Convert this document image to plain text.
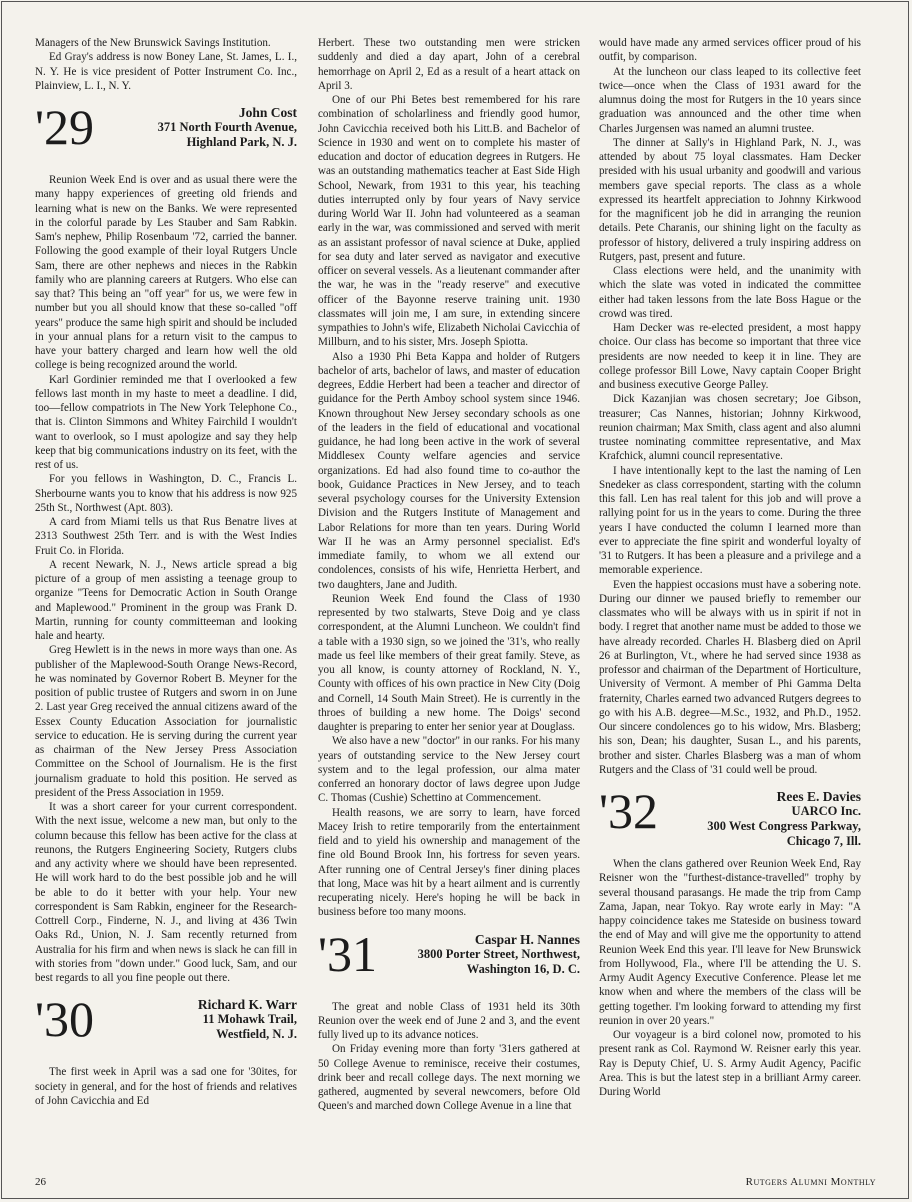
Managers of the New Brunswick Savings Institution.

Ed Gray's address is now Boney Lane, St. James, L. I., N. Y. He is vice president of Potter Instrument Co. Inc., Plainview, L. I., N. Y.

'29	John Cost
371 North Fourth Avenue,
Highland Park, N. J.

Reunion Week End is over and as usual there were the many happy experiences of greeting old friends and learning what is new on the Banks. We were represented in the colorful parade by Les Stauber and Sam Rabkin. Sam's nephew, Philip Rosenbaum '72, carried the banner. Following the good example of their loyal Rutgers Uncle Sam, there are other nephews and nieces in the Rabkin family who are planning careers at Rutgers. Who else can say that? This being an "off year" for us, we were few in number but you all should know that these so-called "off years" produce the same high spirit and should be included in your annual plans for a return visit to the campus to have your battery charged and learn how well the old college is being recognized around the world.

Karl Gordinier reminded me that I overlooked a few fellows last month in my haste to meet a deadline. I did, too—fellow compatriots in The New York Telephone Co., that is. Clinton Simmons and Whitey Fairchild I wouldn't want to overlook, so I must apologize and say they help keep that big communications industry on its feet, with the rest of us.

For you fellows in Washington, D. C., Francis L. Sherbourne wants you to know that his address is now 925 25th St., Northwest (Apt. 803).

A card from Miami tells us that Rus Benatre lives at 2313 Southwest 25th Terr. and is with the West Indies Fruit Co. in Florida.

A recent Newark, N. J., News article spread a big picture of a group of men assisting a teenage group to organize "Teens for Democratic Action in South Orange and Maplewood." Prominent in the group was Frank D. Martin, running for county committeeman and looking hale and hearty.

Greg Hewlett is in the news in more ways than one. As publisher of the Maplewood-South Orange News-Record, he was nominated by Governor Robert B. Meyner for the position of public trustee of Rutgers and sworn in on June 2. Last year Greg received the annual citizens award of the Essex County Education Association for journalistic service to education. He is serving during the current year as chairman of the New Jersey Press Association Committee on the School of Journalism. He is the first journalism graduate to hold this position. He served as president of the Press Association in 1959.

It was a short career for your current correspondent. With the next issue, welcome a new man, but only to the column because this fellow has been active for the class at reunons, the Rutgers Engineering Society, Rutgers clubs and any activity where we should have been represented. He will work hard to do the best possible job and he will be able to do it better with your help. Your new correspondent is Sam Rabkin, engineer for the Research-Cottrell Corp., Finderne, N. J., and living at 436 Twin Oaks Rd., Union, N. J. Sam recently returned from Australia for his firm and when news is slack he can fill in with stories from "down under." Good luck, Sam, and our best regards to all you fine people out there.

'30	Richard K. Warr
11 Mohawk Trail,
Westfield, N. J.

The first week in April was a sad one for '30ites, for society in general, and for the host of friends and relatives of John Cavicchia and Ed

Herbert. These two outstanding men were stricken suddenly and died a day apart, John of a cerebral hemorrhage on April 2, Ed as a result of a heart attack on April 3.

One of our Phi Betes best remembered for his rare combination of scholarliness and friendly good humor, John Cavicchia received both his Litt.B. and Bachelor of Science in 1930 and went on to complete his master of education and doctor of education degrees in Rutgers. He was an outstanding mathematics teacher at East Side High School, Newark, from 1931 to this year, his teaching duties interrupted only by four years of Navy service during World War II. John had volunteered as a seaman early in the war, was commissioned and served with merit as an assistant professor of naval science at Duke, applied for sea duty and later served as navigator and executive officer on several vessels. As a lieutenant commander after the war, he was in the "ready reserve" and executive officer of the Bayonne reserve training unit. 1930 classmates will join me, I am sure, in extending sincere sympathies to John's wife, Elizabeth Nicholai Cavicchia of Millburn, and to his sister, Mrs. Joseph Spiotta.

Also a 1930 Phi Beta Kappa and holder of Rutgers bachelor of arts, bachelor of laws, and master of education degrees, Eddie Herbert had been a teacher and director of guidance for the Perth Amboy school system since 1946. Known throughout New Jersey secondary schools as one of the leaders in the field of educational and vocational guidance, he had long been active in the work of several Middlesex County welfare agencies and service organizations. Ed had also found time to co-author the book, Guidance Practices in New Jersey, and to teach several psychology courses for the University Extension Division and the Rutgers Institute of Management and Labor Relations for more than ten years. During World War II he was an Army personnel specialist. Ed's immediate family, to whom we all extend our condolences, consists of his wife, Henrietta Herbert, and two daughters, Jane and Judith.

Reunion Week End found the Class of 1930 represented by two stalwarts, Steve Doig and ye class correspondent, at the Alumni Luncheon. We couldn't find a table with a 1930 sign, so we joined the '31's, who really made us feel like members of their great family. Steve, as you all know, is county attorney of Rockland, N. Y., County with offices of his own practice in New City (Doig and Cornell, 14 South Main Street). He is currently in the throes of building a new home. The Doigs' second daughter is preparing to enter her senior year at Douglass.

We also have a new "doctor" in our ranks. For his many years of outstanding service to the New Jersey court system and to the legal profession, our alma mater conferred an honorary doctor of laws degree upon Judge C. Thomas (Cushie) Schettino at Commencement.

Health reasons, we are sorry to learn, have forced Macey Irish to retire temporarily from the entertainment field and to yield his ownership and management of the fine old Bound Brook Inn, his fortress for seven years. After running one of Central Jersey's finer dining places that long, Mace was hit by a heart ailment and is currently recuperating nicely. Here's hoping he will be back in business before too many moons.

'31	Caspar H. Nannes
3800 Porter Street, Northwest,
Washington 16, D. C.

The great and noble Class of 1931 held its 30th Reunion over the week end of June 2 and 3, and the event fully lived up to its advance notices.

On Friday evening more than forty '31ers gathered at 50 College Avenue to reminisce, receive their costumes, drink beer and recall college days. The next morning we gathered, augmented by several newcomers, before Old Queen's and marched down College Avenue in a line that

would have made any armed services officer proud of his outfit, by comparison.

At the luncheon our class leaped to its collective feet twice—once when the Class of 1931 award for the alumnus doing the most for Rutgers in the 10 years since graduation was announced and the other time when Charles Jurgensen was named an alumni trustee.

The dinner at Sally's in Highland Park, N. J., was attended by about 75 loyal classmates. Ham Decker presided with his usual urbanity and goodwill and various members gave special reports. The class as a whole expressed its heartfelt appreciation to Johnny Kirkwood for the magnificent job he did in arranging the reunion details. Pete Charanis, our shining light on the faculty as professor of history, delivered a truly inspiring address on Rutgers, past, present and future.

Class elections were held, and the unanimity with which the slate was voted in indicated the committee either had taken lessons from the late Boss Hague or the crowd was tired.

Ham Decker was re-elected president, a most happy choice. Our class has become so important that three vice presidents are now needed to keep it in line. They are college professor Bill Lowe, Navy captain Cooper Bright and business executive George Palley.

Dick Kazanjian was chosen secretary; Joe Gibson, treasurer; Cas Nannes, historian; Johnny Kirkwood, reunion chairman; Max Smith, class agent and also alumni trustee nominating committee representative, and Max Krafchick, alumni council representative.

I have intentionally kept to the last the naming of Len Snedeker as class correspondent, starting with the column this fall. Len has real talent for this job and will prove a rallying point for us in the years to come. During the three years I have conducted the column I learned more than ever to appreciate the fine spirit and wonderful loyalty of '31 to Rutgers. It has been a pleasure and a privilege and a memorable experience.

Even the happiest occasions must have a sobering note. During our dinner we paused briefly to remember our classmates who will be always with us in spirit if not in body. I regret that another name must be added to those we have already recorded. Charles H. Blasberg died on April 26 at Burlington, Vt., where he had served since 1938 as professor and chairman of the Department of Horticulture, University of Vermont. A member of Phi Gamma Delta fraternity, Charles earned two advanced Rutgers degrees to go with his A.B. degree—M.Sc., 1932, and Ph.D., 1952. Our sincere condolences go to his widow, Mrs. Blasberg; his son, Dean; his daughter, Susan L., and his parents, brother and sister. Charles Blasberg was a man of whom Rutgers and the Class of '31 could well be proud.

'32	Rees E. Davies
UARCO Inc.
300 West Congress Parkway,
Chicago 7, Ill.

When the clans gathered over Reunion Week End, Ray Reisner won the "furthest-distance-travelled" trophy by several thousand parasangs. He made the trip from Camp Zama, Japan, near Tokyo. Ray wrote early in May: "A happy coincidence takes me Stateside on business toward the end of May and will give me the opportunity to attend Reunion Week End this year. I'll leave for New Brunswick from Hollywood, Fla., where I'll be attending the U. S. Army Audit Agency Executive Conference. Please let me know when and where the members of the class will be getting together. I'm looking forward to attending my first reunion in over 20 years."

Our voyageur is a bird colonel now, promoted to his present rank as Col. Raymond W. Reisner early this year. Ray is Deputy Chief, U. S. Army Audit Agency, Pacific Area. This is but the latest step in a brilliant Army career. During World

26	Rutgers Alumni Monthly
